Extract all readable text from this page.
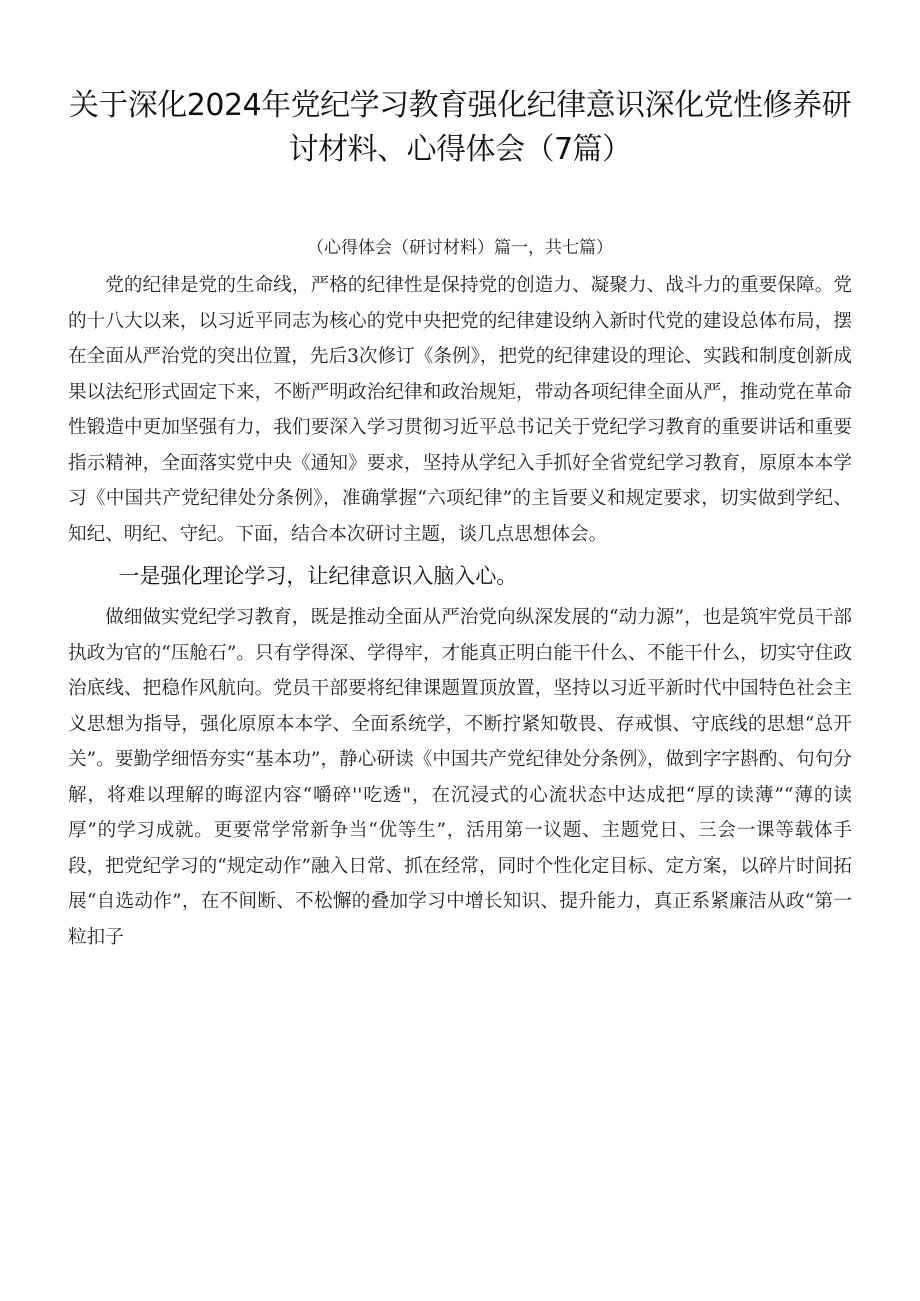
关于深化2024年党纪学习教育强化纪律意识深化党性修养研
讨材料、心得体会（7篇）

（心得体会（研讨材料）篇一，共七篇）

党的纪律是党的生命线，严格的纪律性是保持党的创造力、凝聚力、战斗力的重要保障。党的十八大以来，以习近平同志为核心的党中央把党的纪律建设纳入新时代党的建设总体布局，摆在全面从严治党的突出位置，先后3次修订《条例》，把党的纪律建设的理论、实践和制度创新成果以法纪形式固定下来，不断严明政治纪律和政治规矩，带动各项纪律全面从严，推动党在革命性锻造中更加坚强有力，我们要深入学习贯彻习近平总书记关于党纪学习教育的重要讲话和重要指示精神，全面落实党中央《通知》要求，坚持从学纪入手抓好全省党纪学习教育，原原本本学习《中国共产党纪律处分条例》，准确掌握“六项纪律”的主旨要义和规定要求，切实做到学纪、知纪、明纪、守纪。下面，结合本次研讨主题，谈几点思想体会。

一是强化理论学习，让纪律意识入脑入心。

做细做实党纪学习教育，既是推动全面从严治党向纵深发展的“动力源”，也是筑牢党员干部执政为官的“压舱石”。只有学得深、学得牢，才能真正明白能干什么、不能干什么，切实守住政治底线、把稳作风航向。党员干部要将纪律课题置顶放置，坚持以习近平新时代中国特色社会主义思想为指导，强化原原本本学、全面系统学，不断拧紧知敬畏、存戒惧、守底线的思想“总开关”。要勤学细悟夯实“基本功”，静心研读《中国共产党纪律处分条例》，做到字字斟酌、句句分解，将难以理解的晦涩内容“嚼碎''吃透"，在沉浸式的心流状态中达成把“厚的读薄”“薄的读厚”的学习成就。更要常学常新争当“优等生”，活用第一议题、主题党日、三会一课等载体手段，把党纪学习的“规定动作”融入日常、抓在经常，同时个性化定目标、定方案，以碎片时间拓展“自选动作”，在不间断、不松懈的叠加学习中增长知识、提升能力，真正系紧廉洁从政“第一粒扣子
